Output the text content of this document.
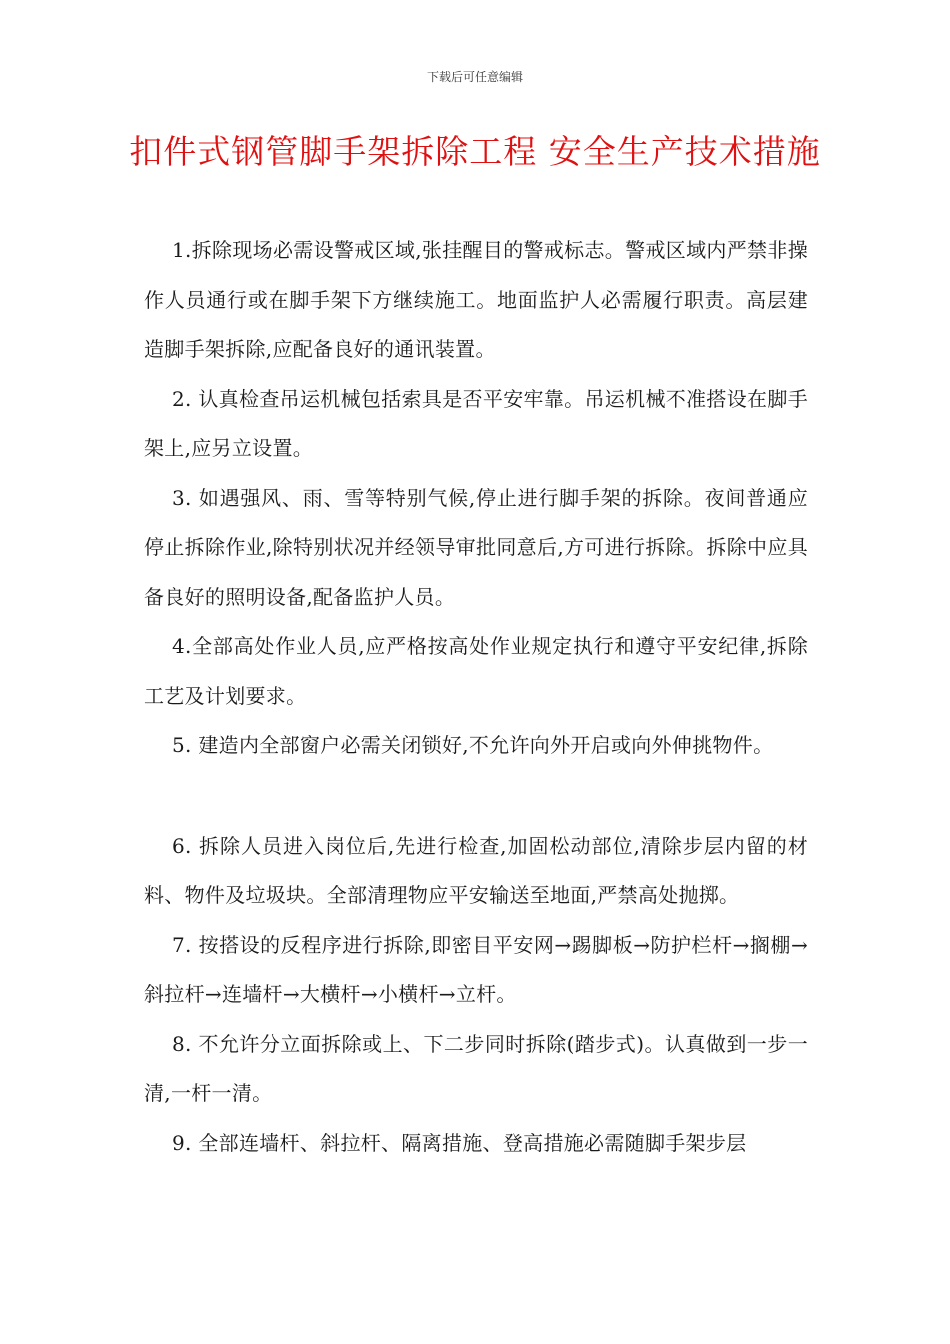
下载后可任意编辑
扣件式钢管脚手架拆除工程 安全生产技术措施

1.拆除现场必需设警戒区域,张挂醒目的警戒标志。警戒区域内严禁非操作人员通行或在脚手架下方继续施工。地面监护人必需履行职责。高层建造脚手架拆除,应配备良好的通讯装置。

2. 认真检查吊运机械包括索具是否平安牢靠。吊运机械不准搭设在脚手架上,应另立设置。

3. 如遇强风、雨、雪等特别气候,停止进行脚手架的拆除。夜间普通应停止拆除作业,除特别状况并经领导审批同意后,方可进行拆除。拆除中应具备良好的照明设备,配备监护人员。

4.全部高处作业人员,应严格按高处作业规定执行和遵守平安纪律,拆除工艺及计划要求。

5. 建造内全部窗户必需关闭锁好,不允许向外开启或向外伸挑物件。

6. 拆除人员进入岗位后,先进行检查,加固松动部位,清除步层内留的材料、物件及垃圾块。全部清理物应平安输送至地面,严禁高处抛掷。

7. 按搭设的反程序进行拆除,即密目平安网→踢脚板→防护栏杆→搁棚→斜拉杆→连墙杆→大横杆→小横杆→立杆。

8. 不允许分立面拆除或上、下二步同时拆除(踏步式)。认真做到一步一清,一杆一清。

9. 全部连墙杆、斜拉杆、隔离措施、登高措施必需随脚手架步层
